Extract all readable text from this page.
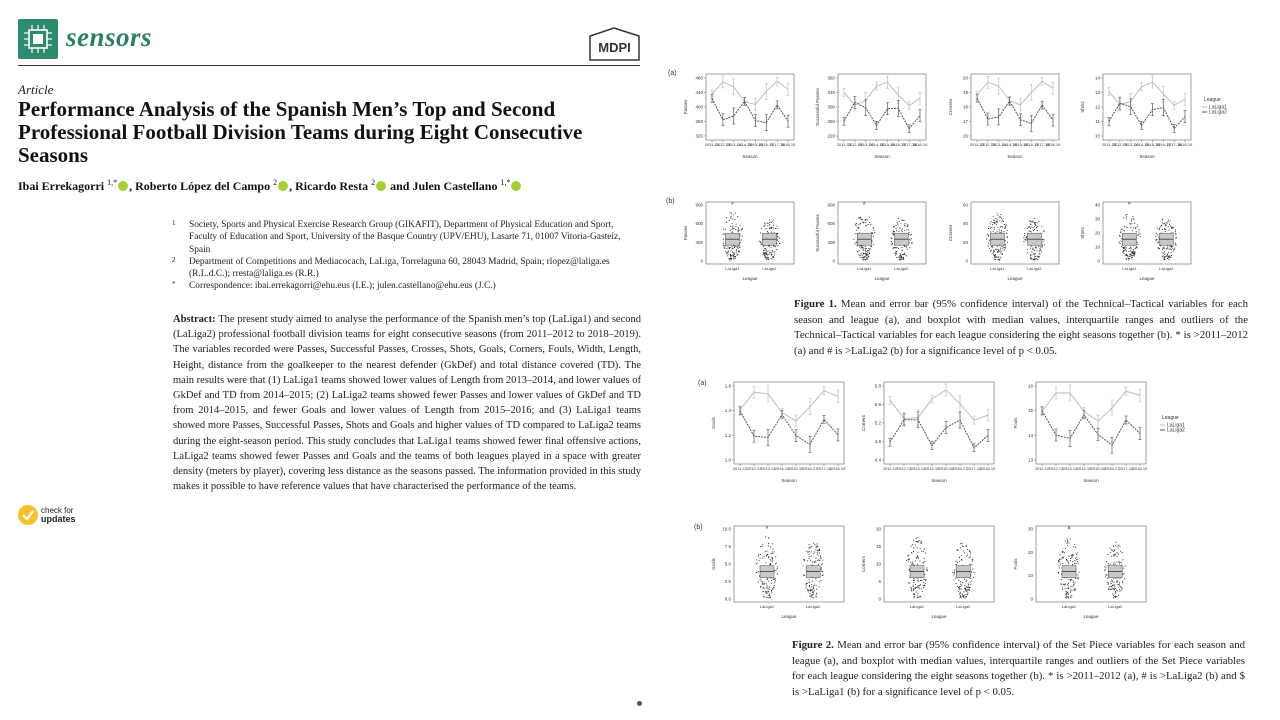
sensors	MDPI
Article
Performance Analysis of the Spanish Men’s Top and Second Professional Football Division Teams during Eight Consecutive Seasons
Ibai Errekagorri $^{1,*}$ , Roberto López del Campo $^2$ , Ricardo Resta $^2$ and Julen Castellano $^{1,*}$
1 Society, Sports and Physical Exercise Research Group (GIKAFIT), Department of Physical Education and Sport, Faculty of Education and Sport, University of the Basque Country (UPV/EHU), Lasarte 71, 01007 Vitoria-Gasteiz, Spain
2 Department of Competitions and Mediacocach, LaLiga, Torrelaguna 60, 28043 Madrid, Spain; rlopez@laliga.es (R.L.d.C.); rresta@laliga.es (R.R.)
* Correspondence: ibai.errekagorri@ehu.eus (I.E.); julen.castellano@ehu.eus (J.C.)
Abstract: The present study aimed to analyse the performance of the Spanish men’s top (LaLiga1) and second (LaLiga2) professional football division teams for eight consecutive seasons (from 2011–2012 to 2018–2019). The variables recorded were Passes, Successful Passes, Crosses, Shots, Goals, Corners, Fouls, Width, Length, Height, distance from the goalkeeper to the nearest defender (GkDef) and total distance covered (TD). The main results were that (1) LaLiga1 teams showed lower values of Length from 2013–2014, and lower values of GkDef and TD from 2014–2015; (2) LaLiga2 teams showed fewer Passes and lower values of GkDef and TD from 2014–2015, and fewer Goals and lower values of Length from 2015–2016; and (3) LaLiga1 teams showed more Passes, Successful Passes, Shots and Goals and higher values of TD compared to LaLiga2 teams during the eight-season period. This study concludes that LaLiga1 teams showed fewer final offensive actions, LaLiga2 teams showed fewer Passes and Goals and the teams of both leagues played in a space with greater density (meters by player), covering less distance as the seasons passed. The information provided in this study makes it possible to have reference values that have characterised the performance of the teams.
check for
updates
(a)
(b)
480
440
400
360
320
Passes
2011-12
2012-13
2013-14
2014-15
2015-16
2016-17
2017-18
2018-19
Season
380
340
300
260
220
Successful Passes
2011-12
2012-13
2013-14
2014-15
2015-16
2016-17
2017-18
2018-19
Season
20
19
18
17
16
Crosses
2011-12
2012-13
2013-14
2014-15
2015-16
2016-17
2017-18
2018-19
Season
14
13
12
11
10
Shots
2011-12
2012-13
2013-14
2014-15
2015-16
2016-17
2017-18
2018-19
Season
League
LaLiga1
LaLiga2
900
600
300
0
Passes
LaLiga1
#
LaLiga2
League
900
600
300
0
Successful Passes
LaLiga1
#
LaLiga2
League
60
40
20
0
Crosses
LaLiga1	LaLiga2
League
40
30
20
10
0
Shots
LaLiga1
#
LaLiga2
League
Figure 1. Mean and error bar (95% confidence interval) of the Technical–Tactical variables for each season and league (a), and boxplot with median values, interquartile ranges and outliers of the Technical–Tactical variables for each league considering the eight seasons together (b). * is >2011–2012 (a) and # is >LaLiga2 (b) for a significance level of p < 0.05.
(a)
(b)
1.6
1.4
1.2
1.0
Goals
2011-12 2012-13 2013-14 2014-15 2015-16 2016-17 2017-18 2018-19
Season
5.8
5.6
5.2
4.8
4.4
Corners
2011-12 2012-13 2013-14 2014-15 2015-16 2016-17 2017-18 2018-19
Season
16
15
14
13
Fouls
2011-12 2012-13 2013-14 2014-15 2015-16 2016-17 2017-18 2018-19
Season
League
LaLiga1
LaLiga2
10.0
7.5
5.0
2.5
0.0
Goals
LaLiga1
#
LaLiga2
League
20
15
10
5
0
Corners
LaLiga1	LaLiga2
League
30
20
10
0
Fouls
LaLiga1
$
LaLiga2
League
Figure 2. Mean and error bar (95% confidence interval) of the Set Piece variables for each season and league (a), and boxplot with median values, interquartile ranges and outliers of the Set Piece variables for each league considering the eight seasons together (b). * is >2011–2012 (a), # is >LaLiga2 (b) and $ is >LaLiga1 (b) for a significance level of p < 0.05.
